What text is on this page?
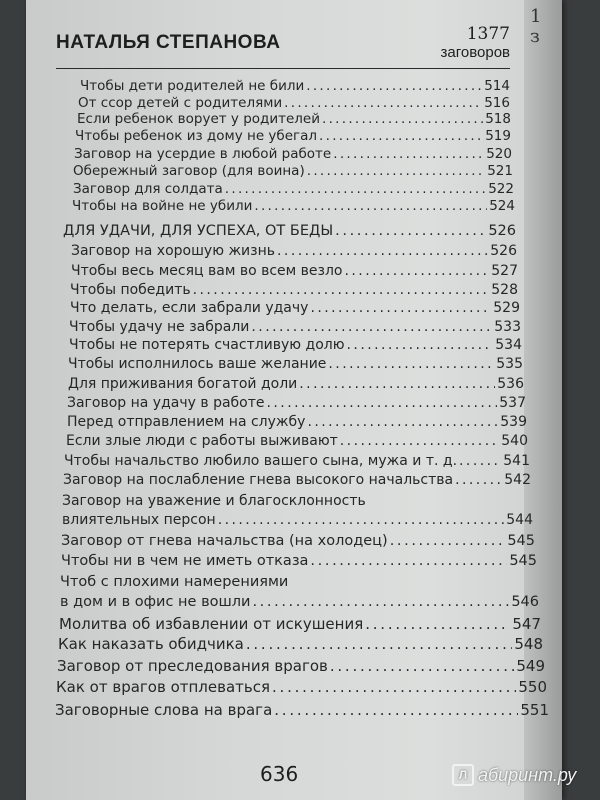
1
з
НАТАЛЬЯ СТЕПАНОВА	1377
заговоров
Чтобы дети родителей не били . . .	514
От ссор детей с родителями . . .	516
Если ребенок ворует у родителей . . .	518
Чтобы ребенок из дому не убегал . . .	519
Заговор на усердие в любой работе . . .	520
Обережный заговор (для воина) . . .	521
Заговор для солдата . . .	522
Чтобы на войне не убили . . .	524
ДЛЯ УДАЧИ, ДЛЯ УСПЕХА, ОТ БЕДЫ . . .	526
Заговор на хорошую жизнь . . .	526
Чтобы весь месяц вам во всем везло . . .	527
Чтобы победить . . .	528
Что делать, если забрали удачу . . .	529
Чтобы удачу не забрали . . .	533
Чтобы не потерять счастливую долю . . .	534
Чтобы исполнилось ваше желание . . .	535
Для приживания богатой доли . . .	536
Заговор на удачу в работе . . .	537
Перед отправлением на службу . . .	539
Если злые люди с работы выживают . . .	540
Чтобы начальство любило вашего сына, мужа и т. д. . . .	541
Заговор на послабление гнева высокого начальства . . .	542
Заговор на уважение и благосклонность
влиятельных персон . . .	544
Заговор от гнева начальства (на холодец) . . .	545
Чтобы ни в чем не иметь отказа . . .	545
Чтоб с плохими намерениями
в дом и в офис не вошли . . .	546
Молитва об избавлении от искушения . . .	547
Как наказать обидчика . . .	548
Заговор от преследования врагов . . .	549
Как от врагов отплеваться . . .	550
Заговорные слова на врага . . .	551
636	Л абиринт.ру
